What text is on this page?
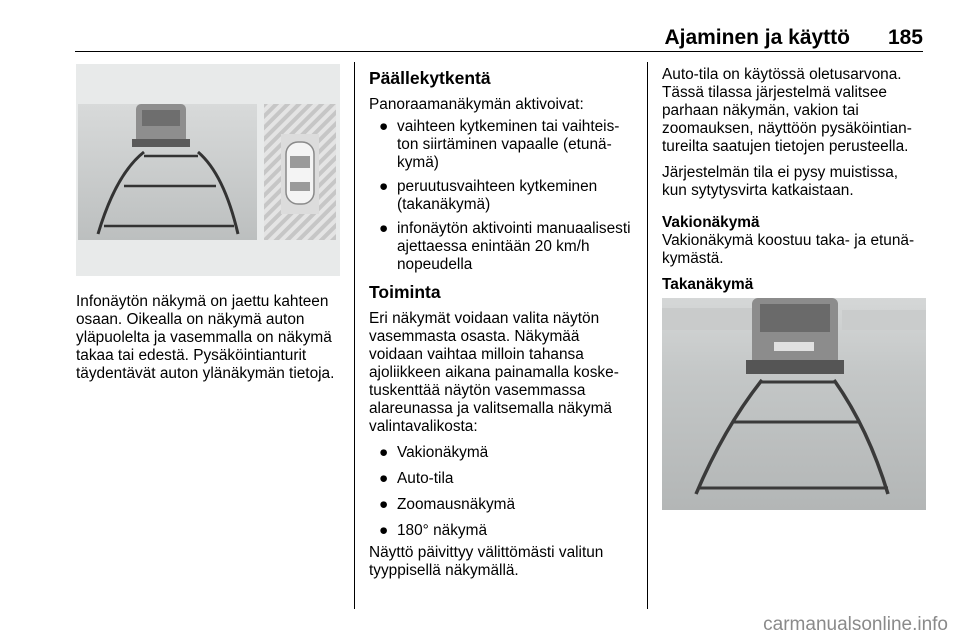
Ajaminen ja käyttö 185

Infonäytön näkymä on jaettu kahteen osaan. Oikealla on näkymä auton yläpuolelta ja vasemmalla on näkymä takaa tai edestä. Pysäköintianturit täydentävät auton ylänäkymän tietoja.

Päällekytkentä

Panoraamanäkymän aktivoivat:

● vaihteen kytkeminen tai vaihteiston siirtäminen vapaalle (etunäkymä)
● peruutusvaihteen kytkeminen (takanäkymä)
● infonäytön aktivointi manuaalisesti ajettaessa enintään 20 km/h nopeudella
Toiminta

Eri näkymät voidaan valita näytön vasemmasta osasta. Näkymää voidaan vaihtaa milloin tahansa ajoliikkeen aikana painamalla kosketuskenttää näytön vasemmassa alareunassa ja valitsemalla näkymä valintavalikosta:

● Vakionäkymä
● Auto-tila
● Zoomausnäkymä
● 180° näkymä

Näyttö päivittyy välittömästi valitun tyyppisellä näkymällä.

Auto-tila on käytössä oletusarvona. Tässä tilassa järjestelmä valitsee parhaan näkymän, vakion tai zoomauksen, näyttöön pysäköintiantureilta saatujen tietojen perusteella.

Järjestelmän tila ei pysy muistissa, kun sytytysvirta katkaistaan.

Vakionäkymä

Vakionäkymä koostuu taka- ja etunäkymästä.

Takanäkymä

carmanualsonline.info
